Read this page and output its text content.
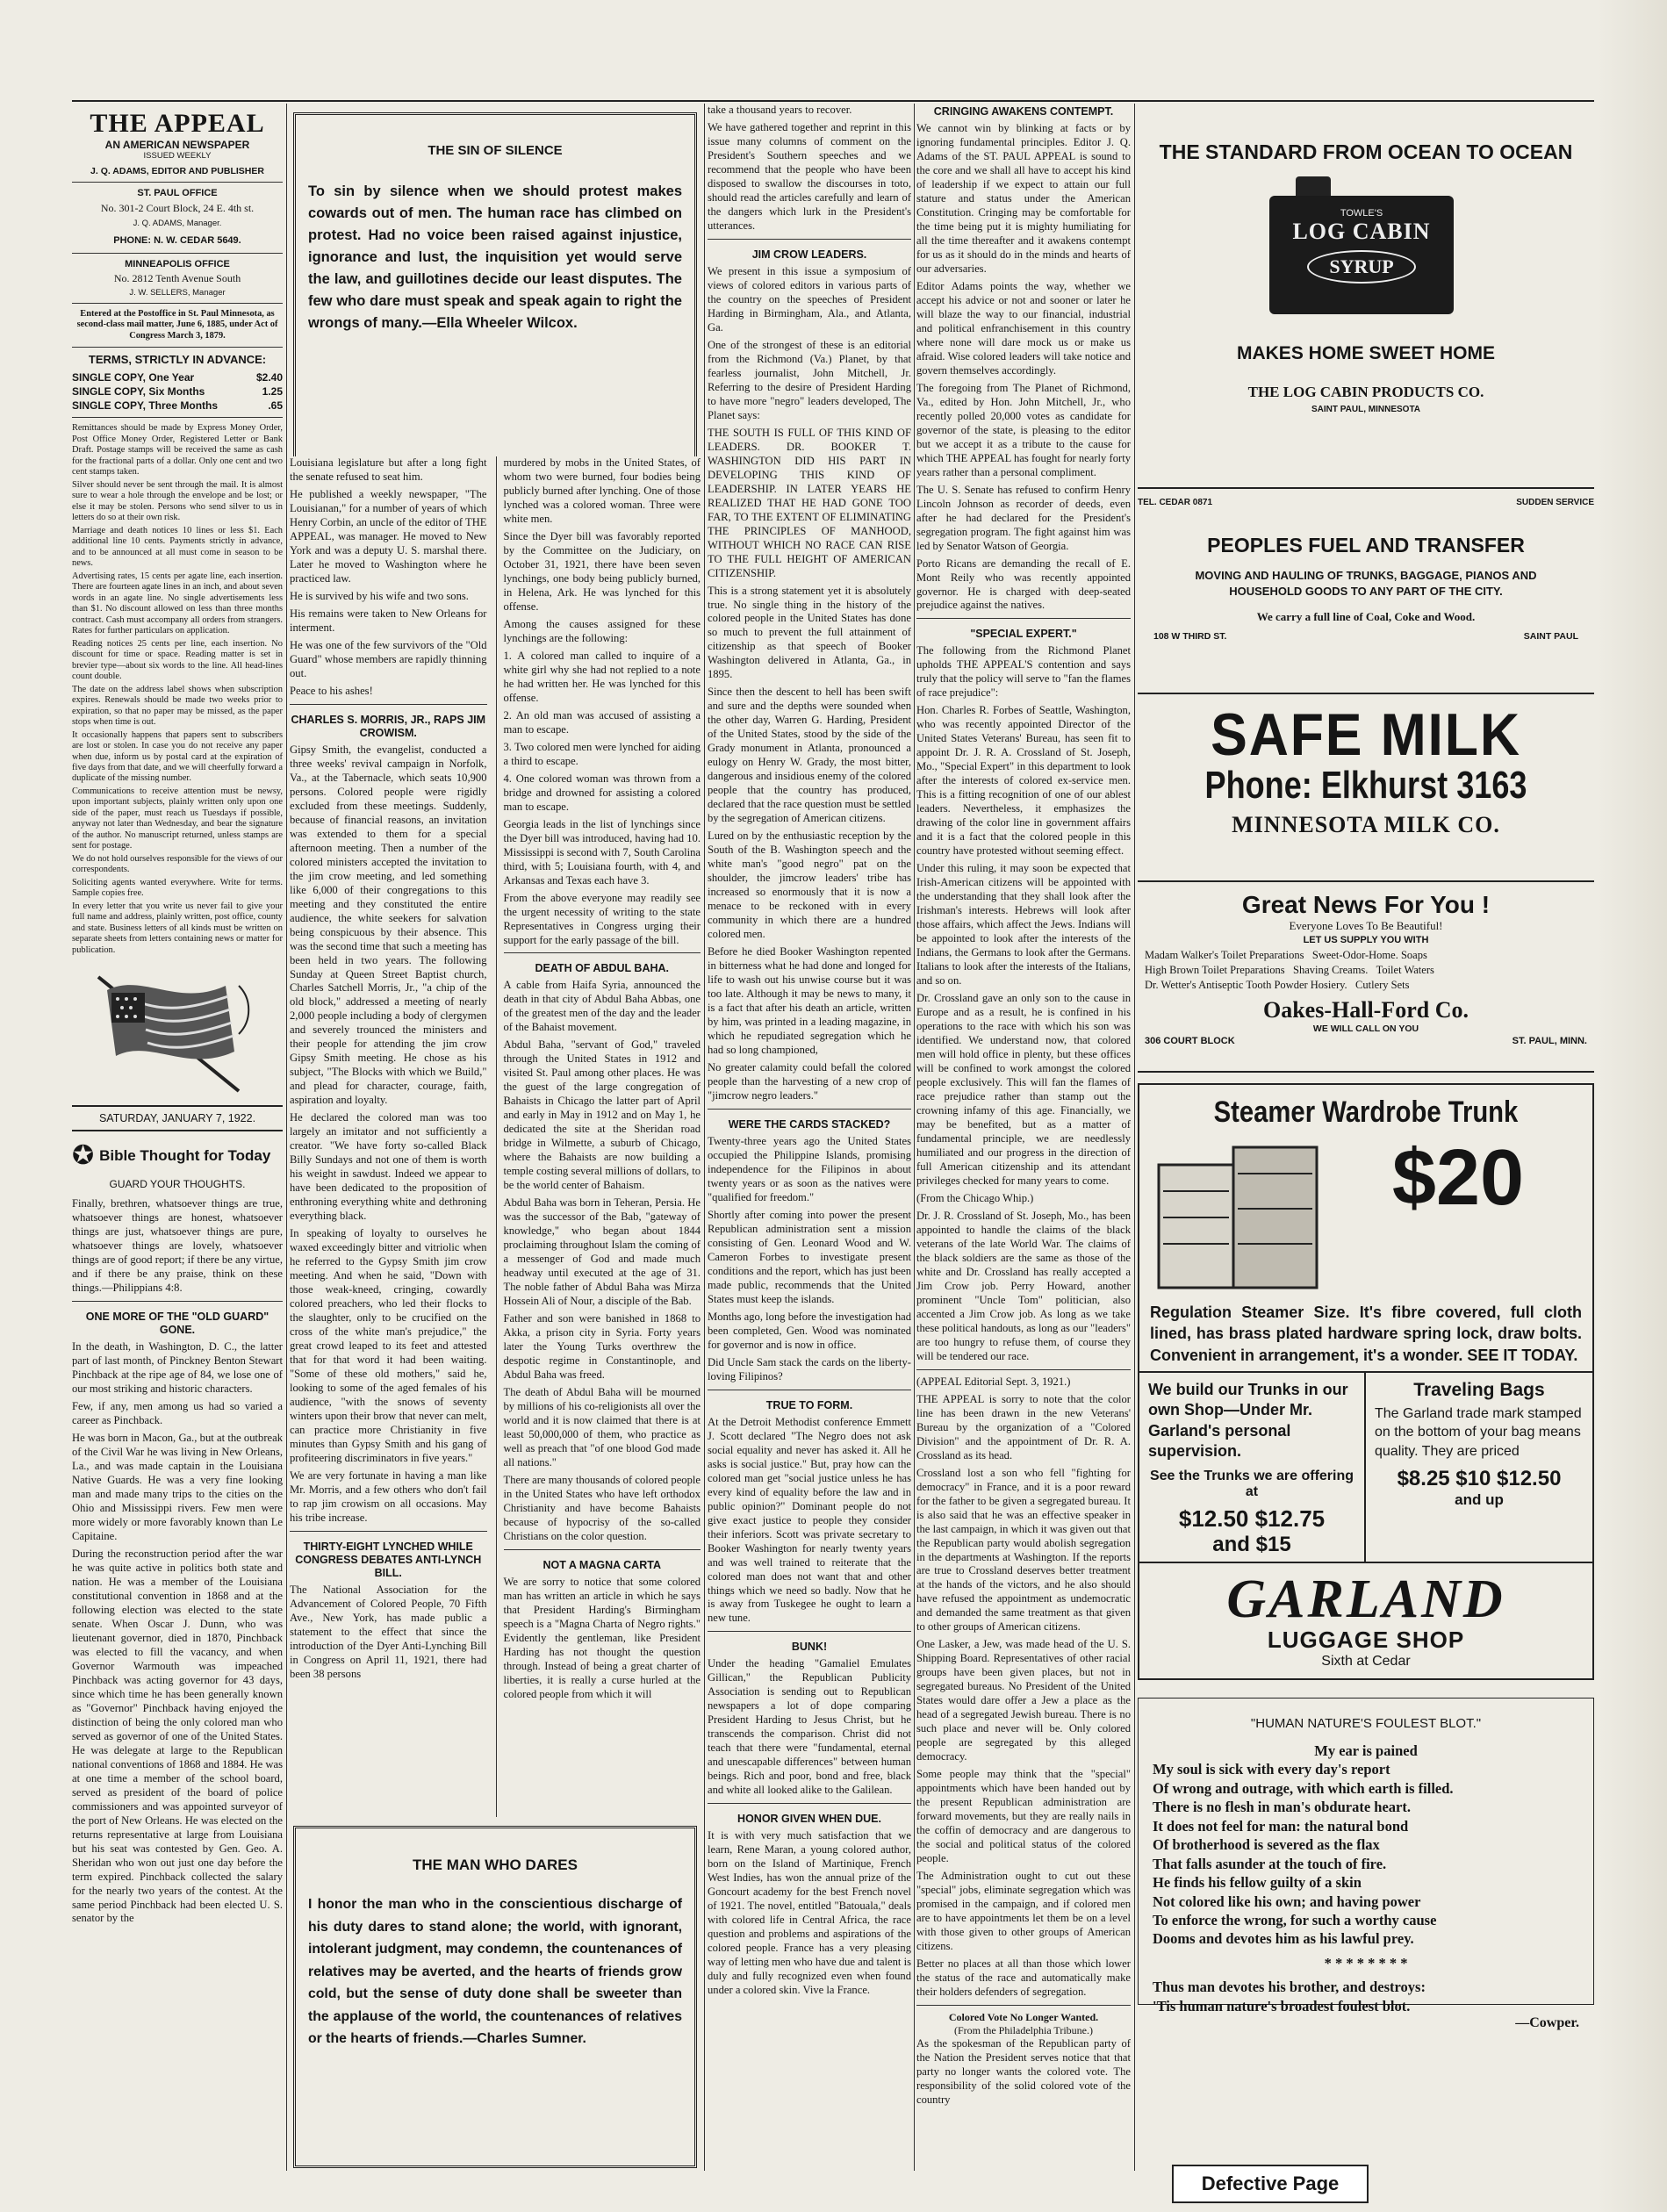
THE APPEAL
AN AMERICAN NEWSPAPER
ISSUED WEEKLY
J. Q. ADAMS, EDITOR AND PUBLISHER
ST. PAUL OFFICE
No. 301-2 Court Block, 24 E. 4th st.
J. Q. ADAMS, Manager.
PHONE: N. W. CEDAR 5649.
MINNEAPOLIS OFFICE
No. 2812 Tenth Avenue South
J. W. SELLERS, Manager

Entered at the Postoffice in St. Paul Minnesota, as second-class mail matter, June 6, 1885, under Act of Congress March 3, 1879.

TERMS, STRICTLY IN ADVANCE:
SINGLE COPY, One Year	$2.40
SINGLE COPY, Six Months	1.25
SINGLE COPY, Three Months	.65

Remittances should be made by Express Money Order, Post Office Money Order, Registered Letter or Bank Draft. Postage stamps will be received the same as cash for the fractional parts of a dollar. Only one cent and two cent stamps taken.

Silver should never be sent through the mail. It is almost sure to wear a hole through the envelope and be lost; or else it may be stolen. Persons who send silver to us in letters do so at their own risk.

Marriage and death notices 10 lines or less $1. Each additional line 10 cents. Payments strictly in advance, and to be announced at all must come in season to be news.

Advertising rates, 15 cents per agate line, each insertion. There are fourteen agate lines in an inch, and about seven words in an agate line. No single advertisements less than $1. No discount allowed on less than three months contract. Cash must accompany all orders from strangers. Rates for further particulars on application.

Reading notices 25 cents per line, each insertion. No discount for time or space. Reading matter is set in brevier type—about six words to the line. All head-lines count double.

The date on the address label shows when subscription expires. Renewals should be made two weeks prior to expiration, so that no paper may be missed, as the paper stops when time is out.

It occasionally happens that papers sent to subscribers are lost or stolen. In case you do not receive any paper when due, inform us by postal card at the expiration of five days from that date, and we will cheerfully forward a duplicate of the missing number.

Communications to receive attention must be newsy, upon important subjects, plainly written only upon one side of the paper, must reach us Tuesdays if possible, anyway not later than Wednesday, and bear the signature of the author. No manuscript returned, unless stamps are sent for postage.

We do not hold ourselves responsible for the views of our correspondents.

Soliciting agents wanted everywhere. Write for terms. Sample copies free.

In every letter that you write us never fail to give your full name and address, plainly written, post office, county and state. Business letters of all kinds must be written on separate sheets from letters containing news or matter for publication.

SATURDAY, JANUARY 7, 1922.
✪ Bible Thought for Today
GUARD YOUR THOUGHTS.

Finally, brethren, whatsoever things are true, whatsoever things are honest, whatsoever things are just, whatsoever things are pure, whatsoever things are lovely, whatsoever things are of good report; if there be any virtue, and if there be any praise, think on these things.—Philippians 4:8.

ONE MORE OF THE "OLD GUARD" GONE.

In the death, in Washington, D. C., the latter part of last month, of Pinckney Benton Stewart Pinchback at the ripe age of 84, we lose one of our most striking and historic characters.

Few, if any, men among us had so varied a career as Pinchback.

He was born in Macon, Ga., but at the outbreak of the Civil War he was living in New Orleans, La., and was made captain in the Louisiana Native Guards. He was a very fine looking man and made many trips to the cities on the Ohio and Mississippi rivers. Few men were more widely or more favorably known than Le Capitaine.

During the reconstruction period after the war he was quite active in politics both state and nation. He was a member of the Louisiana constitutional convention in 1868 and at the following election was elected to the state senate. When Oscar J. Dunn, who was lieutenant governor, died in 1870, Pinchback was elected to fill the vacancy, and when Governor Warmouth was impeached Pinchback was acting governor for 43 days, since which time he has been generally known as "Governor" Pinchback having enjoyed the distinction of being the only colored man who served as governor of one of the United States. He was delegate at large to the Republican national conventions of 1868 and 1884. He was at one time a member of the school board, served as president of the board of police commissioners and was appointed surveyor of the port of New Orleans. He was elected on the returns representative at large from Louisiana but his seat was contested by Gen. Geo. A. Sheridan who won out just one day before the term expired. Pinchback collected the salary for the nearly two years of the contest. At the same period Pinchback had been elected U. S. senator by the

THE SIN OF SILENCE

To sin by silence when we should protest makes cowards out of men. The human race has climbed on protest. Had no voice been raised against injustice, ignorance and lust, the inquisition yet would serve the law, and guillotines decide our least disputes. The few who dare must speak and speak again to right the wrongs of many.—Ella Wheeler Wilcox.

Louisiana legislature but after a long fight the senate refused to seat him.

He published a weekly newspaper, "The Louisianan," for a number of years of which Henry Corbin, an uncle of the editor of THE APPEAL, was manager. He moved to New York and was a deputy U. S. marshal there. Later he moved to Washington where he practiced law.

He is survived by his wife and two sons.

His remains were taken to New Orleans for interment.

He was one of the few survivors of the "Old Guard" whose members are rapidly thinning out.

Peace to his ashes!

CHARLES S. MORRIS, JR., RAPS JIM CROWISM.

Gipsy Smith, the evangelist, conducted a three weeks' revival campaign in Norfolk, Va., at the Tabernacle, which seats 10,900 persons. Colored people were rigidly excluded from these meetings. Suddenly, because of financial reasons, an invitation was extended to them for a special afternoon meeting. Then a number of the colored ministers accepted the invitation to the jim crow meeting, and led something like 6,000 of their congregations to this meeting and they constituted the entire audience, the white seekers for salvation being conspicuous by their absence. This was the second time that such a meeting has been held in two years. The following Sunday at Queen Street Baptist church, Charles Satchell Morris, Jr., "a chip of the old block," addressed a meeting of nearly 2,000 people including a body of clergymen and severely trounced the ministers and their people for attending the jim crow Gipsy Smith meeting. He chose as his subject, "The Blocks with which we Build," and plead for character, courage, faith, aspiration and loyalty.

He declared the colored man was too largely an imitator and not sufficiently a creator. "We have forty so-called Black Billy Sundays and not one of them is worth his weight in sawdust. Indeed we appear to have been dedicated to the proposition of enthroning everything white and dethroning everything black.

In speaking of loyalty to ourselves he waxed exceedingly bitter and vitriolic when he referred to the Gypsy Smith jim crow meeting. And when he said, "Down with those weak-kneed, cringing, cowardly colored preachers, who led their flocks to the slaughter, only to be crucified on the cross of the white man's prejudice," the great crowd leaped to its feet and attested that for that word it had been waiting. "Some of these old mothers," said he, looking to some of the aged females of his audience, "with the snows of seventy winters upon their brow that never can melt, can practice more Christianity in five minutes than Gypsy Smith and his gang of profiteering discriminators in five years."

We are very fortunate in having a man like Mr. Morris, and a few others who don't fail to rap jim crowism on all occasions. May his tribe increase.

THIRTY-EIGHT LYNCHED WHILE CONGRESS DEBATES ANTI-LYNCH BILL.

The National Association for the Advancement of Colored People, 70 Fifth Ave., New York, has made public a statement to the effect that since the introduction of the Dyer Anti-Lynching Bill in Congress on April 11, 1921, there had been 38 persons

murdered by mobs in the United States, of whom two were burned, four bodies being publicly burned after lynching. One of those lynched was a colored woman. Three were white men.

Since the Dyer bill was favorably reported by the Committee on the Judiciary, on October 31, 1921, there have been seven lynchings, one body being publicly burned, in Helena, Ark. He was lynched for this offense.

Among the causes assigned for these lynchings are the following:

1. A colored man called to inquire of a white girl why she had not replied to a note he had written her. He was lynched for this offense.

2. An old man was accused of assisting a man to escape.

3. Two colored men were lynched for aiding a third to escape.

4. One colored woman was thrown from a bridge and drowned for assisting a colored man to escape.

Georgia leads in the list of lynchings since the Dyer bill was introduced, having had 10. Mississippi is second with 7, South Carolina third, with 5; Louisiana fourth, with 4, and Arkansas and Texas each have 3.

From the above everyone may readily see the urgent necessity of writing to the state Representatives in Congress urging their support for the early passage of the bill.

DEATH OF ABDUL BAHA.

A cable from Haifa Syria, announced the death in that city of Abdul Baha Abbas, one of the greatest men of the day and the leader of the Bahaist movement.

Abdul Baha, "servant of God," traveled through the United States in 1912 and visited St. Paul among other places. He was the guest of the large congregation of Bahaists in Chicago the latter part of April and early in May in 1912 and on May 1, he dedicated the site at the Sheridan road bridge in Wilmette, a suburb of Chicago, where the Bahaists are now building a temple costing several millions of dollars, to be the world center of Bahaism.

Abdul Baha was born in Teheran, Persia. He was the successor of the Bab, "gateway of knowledge," who began about 1844 proclaiming throughout Islam the coming of a messenger of God and made much headway until executed at the age of 31. The noble father of Abdul Baha was Mirza Hossein Ali of Nour, a disciple of the Bab.

Father and son were banished in 1868 to Akka, a prison city in Syria. Forty years later the Young Turks overthrew the despotic regime in Constantinople, and Abdul Baha was freed.

The death of Abdul Baha will be mourned by millions of his co-religionists all over the world and it is now claimed that there is at least 50,000,000 of them, who practice as well as preach that "of one blood God made all nations."

There are many thousands of colored people in the United States who have left orthodox Christianity and have become Bahaists because of hypocrisy of the so-called Christians on the color question.

NOT A MAGNA CARTA

We are sorry to notice that some colored man has written an article in which he says that President Harding's Birmingham speech is a "Magna Charta of Negro rights." Evidently the gentleman, like President Harding has not thought the question through. Instead of being a great charter of liberties, it is really a curse hurled at the colored people from which it will

THE MAN WHO DARES

I honor the man who in the conscientious discharge of his duty dares to stand alone; the world, with ignorant, intolerant judgment, may condemn, the countenances of relatives may be averted, and the hearts of friends grow cold, but the sense of duty done shall be sweeter than the applause of the world, the countenances of relatives or the hearts of friends.—Charles Sumner.

take a thousand years to recover.

We have gathered together and reprint in this issue many columns of comment on the President's Southern speeches and we recommend that the people who have been disposed to swallow the discourses in toto, should read the articles carefully and learn of the dangers which lurk in the President's utterances.

JIM CROW LEADERS.

We present in this issue a symposium of views of colored editors in various parts of the country on the speeches of President Harding in Birmingham, Ala., and Atlanta, Ga.

One of the strongest of these is an editorial from the Richmond (Va.) Planet, by that fearless journalist, John Mitchell, Jr. Referring to the desire of President Harding to have more "negro" leaders developed, The Planet says:

THE SOUTH IS FULL OF THIS KIND OF LEADERS. DR. BOOKER T. WASHINGTON DID HIS PART IN DEVELOPING THIS KIND OF LEADERSHIP. IN LATER YEARS HE REALIZED THAT HE HAD GONE TOO FAR, TO THE EXTENT OF ELIMINATING THE PRINCIPLES OF MANHOOD, WITHOUT WHICH NO RACE CAN RISE TO THE FULL HEIGHT OF AMERICAN CITIZENSHIP.

This is a strong statement yet it is absolutely true. No single thing in the history of the colored people in the United States has done so much to prevent the full attainment of citizenship as that speech of Booker Washington delivered in Atlanta, Ga., in 1895.

Since then the descent to hell has been swift and sure and the depths were sounded when the other day, Warren G. Harding, President of the United States, stood by the side of the Grady monument in Atlanta, pronounced a eulogy on Henry W. Grady, the most bitter, dangerous and insidious enemy of the colored people that the country has produced, declared that the race question must be settled by the segregation of American citizens.

Lured on by the enthusiastic reception by the South of the B. Washington speech and the white man's "good negro" pat on the shoulder, the jimcrow leaders' tribe has increased so enormously that it is now a menace to be reckoned with in every community in which there are a hundred colored men.

Before he died Booker Washington repented in bitterness what he had done and longed for life to wash out his unwise course but it was too late. Although it may be news to many, it is a fact that after his death an article, written by him, was printed in a leading magazine, in which he repudiated segregation which he had so long championed,

No greater calamity could befall the colored people than the harvesting of a new crop of "jimcrow negro leaders."

WERE THE CARDS STACKED?

Twenty-three years ago the United States occupied the Philippine Islands, promising independence for the Filipinos in about twenty years or as soon as the natives were "qualified for freedom."

Shortly after coming into power the present Republican administration sent a mission consisting of Gen. Leonard Wood and W. Cameron Forbes to investigate present conditions and the report, which has just been made public, recommends that the United States must keep the islands.

Months ago, long before the investigation had been completed, Gen. Wood was nominated for governor and is now in office.

Did Uncle Sam stack the cards on the liberty-loving Filipinos?

TRUE TO FORM.

At the Detroit Methodist conference Emmett J. Scott declared "The Negro does not ask social equality and never has asked it. All he asks is social justice." But, pray how can the colored man get "social justice unless he has every kind of equality before the law and in public opinion?" Dominant people do not give exact justice to people they consider their inferiors. Scott was private secretary to Booker Washington for nearly twenty years and was well trained to reiterate that the colored man does not want that and other things which we need so badly. Now that he is away from Tuskegee he ought to learn a new tune.

BUNK!

Under the heading "Gamaliel Emulates Gillican," the Republican Publicity Association is sending out to Republican newspapers a lot of dope comparing President Harding to Jesus Christ, but he transcends the comparison. Christ did not teach that there were "fundamental, eternal and unescapable differences" between human beings. Rich and poor, bond and free, black and white all looked alike to the Galilean.

HONOR GIVEN WHEN DUE.

It is with very much satisfaction that we learn, Rene Maran, a young colored author, born on the Island of Martinique, French West Indies, has won the annual prize of the Goncourt academy for the best French novel of 1921. The novel, entitled "Batouala," deals with colored life in Central Africa, the race question and problems and aspirations of the colored people. France has a very pleasing way of letting men who have due and talent is duly and fully recognized even when found under a colored skin. Vive la France.

CRINGING AWAKENS CONTEMPT.

We cannot win by blinking at facts or by ignoring fundamental principles. Editor J. Q. Adams of the ST. PAUL APPEAL is sound to the core and we shall all have to accept his kind of leadership if we expect to attain our full stature and status under the American Constitution. Cringing may be comfortable for the time being put it is mighty humiliating for all the time thereafter and it awakens contempt for us as it should do in the minds and hearts of our adversaries.

Editor Adams points the way, whether we accept his advice or not and sooner or later he will blaze the way to our financial, industrial and political enfranchisement in this country where none will dare mock us or make us afraid. Wise colored leaders will take notice and govern themselves accordingly.

The foregoing from The Planet of Richmond, Va., edited by Hon. John Mitchell, Jr., who recently polled 20,000 votes as candidate for governor of the state, is pleasing to the editor but we accept it as a tribute to the cause for which THE APPEAL has fought for nearly forty years rather than a personal compliment.

The U. S. Senate has refused to confirm Henry Lincoln Johnson as recorder of deeds, even after he had declared for the President's segregation program. The fight against him was led by Senator Watson of Georgia.

Porto Ricans are demanding the recall of E. Mont Reily who was recently appointed governor. He is charged with deep-seated prejudice against the natives.

"SPECIAL EXPERT."

The following from the Richmond Planet upholds THE APPEAL'S contention and says truly that the policy will serve to "fan the flames of race prejudice":

Hon. Charles R. Forbes of Seattle, Washington, who was recently appointed Director of the United States Veterans' Bureau, has seen fit to appoint Dr. J. R. A. Crossland of St. Joseph, Mo., "Special Expert" in this department to look after the interests of colored ex-service men. This is a fitting recognition of one of our ablest leaders. Nevertheless, it emphasizes the drawing of the color line in government affairs and it is a fact that the colored people in this country have protested without seeming effect.

Under this ruling, it may soon be expected that Irish-American citizens will be appointed with the understanding that they shall look after the Irishman's interests. Hebrews will look after those affairs, which affect the Jews. Indians will be appointed to look after the interests of the Indians, the Germans to look after the Germans. Italians to look after the interests of the Italians, and so on.

Dr. Crossland gave an only son to the cause in Europe and as a result, he is confined in his operations to the race with which his son was identified. We understand now, that colored men will hold office in plenty, but these offices will be confined to work amongst the colored people exclusively. This will fan the flames of race prejudice rather than stamp out the crowning infamy of this age. Financially, we may be benefited, but as a matter of fundamental principle, we are needlessly humiliated and our progress in the direction of full American citizenship and its attendant privileges checked for many years to come.

(From the Chicago Whip.)

Dr. J. R. Crossland of St. Joseph, Mo., has been appointed to handle the claims of the black veterans of the late World War. The claims of the black soldiers are the same as those of the white and Dr. Crossland has really accepted a Jim Crow job. Perry Howard, another prominent "Uncle Tom" politician, also accented a Jim Crow job. As long as we take these political handouts, as long as our "leaders" are too hungry to refuse them, of course they will be tendered our race.

(APPEAL Editorial Sept. 3, 1921.)

THE APPEAL is sorry to note that the color line has been drawn in the new Veterans' Bureau by the organization of a "Colored Division" and the appointment of Dr. R. A. Crossland as its head.

Crossland lost a son who fell "fighting for democracy" in France, and it is a poor reward for the father to be given a segregated bureau. It is also said that he was an effective speaker in the last campaign, in which it was given out that the Republican party would abolish segregation in the departments at Washington. If the reports are true to Crossland deserves better treatment at the hands of the victors, and he also should have refused the appointment as undemocratic and demanded the same treatment as that given to other groups of American citizens.

One Lasker, a Jew, was made head of the U. S. Shipping Board. Representatives of other racial groups have been given places, but not in segregated bureaus. No President of the United States would dare offer a Jew a place as the head of a segregated Jewish bureau. There is no such place and never will be. Only colored people are segregated by this alleged democracy.

Some people may think that the "special" appointments which have been handed out by the present Republican administration are forward movements, but they are really nails in the coffin of democracy and are dangerous to the social and political status of the colored people.

The Administration ought to cut out these "special" jobs, eliminate segregation which was promised in the campaign, and if colored men are to have appointments let them be on a level with those given to other groups of American citizens.

Better no places at all than those which lower the status of the race and automatically make their holders defenders of segregation.

Colored Vote No Longer Wanted.
(From the Philadelphia Tribune.)

As the spokesman of the Republican party of the Nation the President serves notice that that party no longer wants the colored vote. The responsibility of the solid colored vote of the country

THE STANDARD FROM OCEAN TO OCEAN
TOWLE'S
LOG CABIN
SYRUP
MAKES HOME SWEET HOME
THE LOG CABIN PRODUCTS CO.
SAINT PAUL, MINNESOTA
TEL. CEDAR 0871	SUDDEN SERVICE
PEOPLES FUEL AND TRANSFER
MOVING AND HAULING OF TRUNKS, BAGGAGE, PIANOS AND HOUSEHOLD GOODS TO ANY PART OF THE CITY.
We carry a full line of Coal, Coke and Wood.
108 W THIRD ST.	SAINT PAUL
SAFE MILK
Phone: Elkhurst 3163
MINNESOTA MILK CO.
Great News For You !
Everyone Loves To Be Beautiful!
LET US SUPPLY YOU WITH
Madam Walker's Toilet Preparations   Sweet-Odor-Home. Soaps
High Brown Toilet Preparations   Shaving Creams.   Toilet Waters
Dr. Wetter's Antiseptic Tooth Powder Hosiery.   Cutlery Sets
Oakes-Hall-Ford Co.
WE WILL CALL ON YOU
306 COURT BLOCK	ST. PAUL, MINN.
Steamer Wardrobe Trunk
$20

Regulation Steamer Size. It's fibre covered, full cloth lined, has brass plated hardware spring lock, draw bolts. Convenient in arrangement, it's a wonder. SEE IT TODAY.

We build our Trunks in our own Shop—Under Mr. Garland's personal supervision.
See the Trunks we are offering at
$12.50 $12.75
and $15
Traveling Bags
The Garland trade mark stamped on the bottom of your bag means quality. They are priced
$8.25 $10 $12.50
and up
GARLAND
LUGGAGE SHOP
Sixth at Cedar
"HUMAN NATURE'S FOULEST BLOT."
My ear is pained
My soul is sick with every day's report
Of wrong and outrage, with which earth is filled.
There is no flesh in man's obdurate heart.
It does not feel for man: the natural bond
Of brotherhood is severed as the flax
That falls asunder at the touch of fire.
He finds his fellow guilty of a skin
Not colored like his own; and having power
To enforce the wrong, for such a worthy cause
Dooms and devotes him as his lawful prey.
* * * * * * * *
Thus man devotes his brother, and destroys:
'Tis human nature's broadest foulest blot.
—Cowper.
Defective Page
